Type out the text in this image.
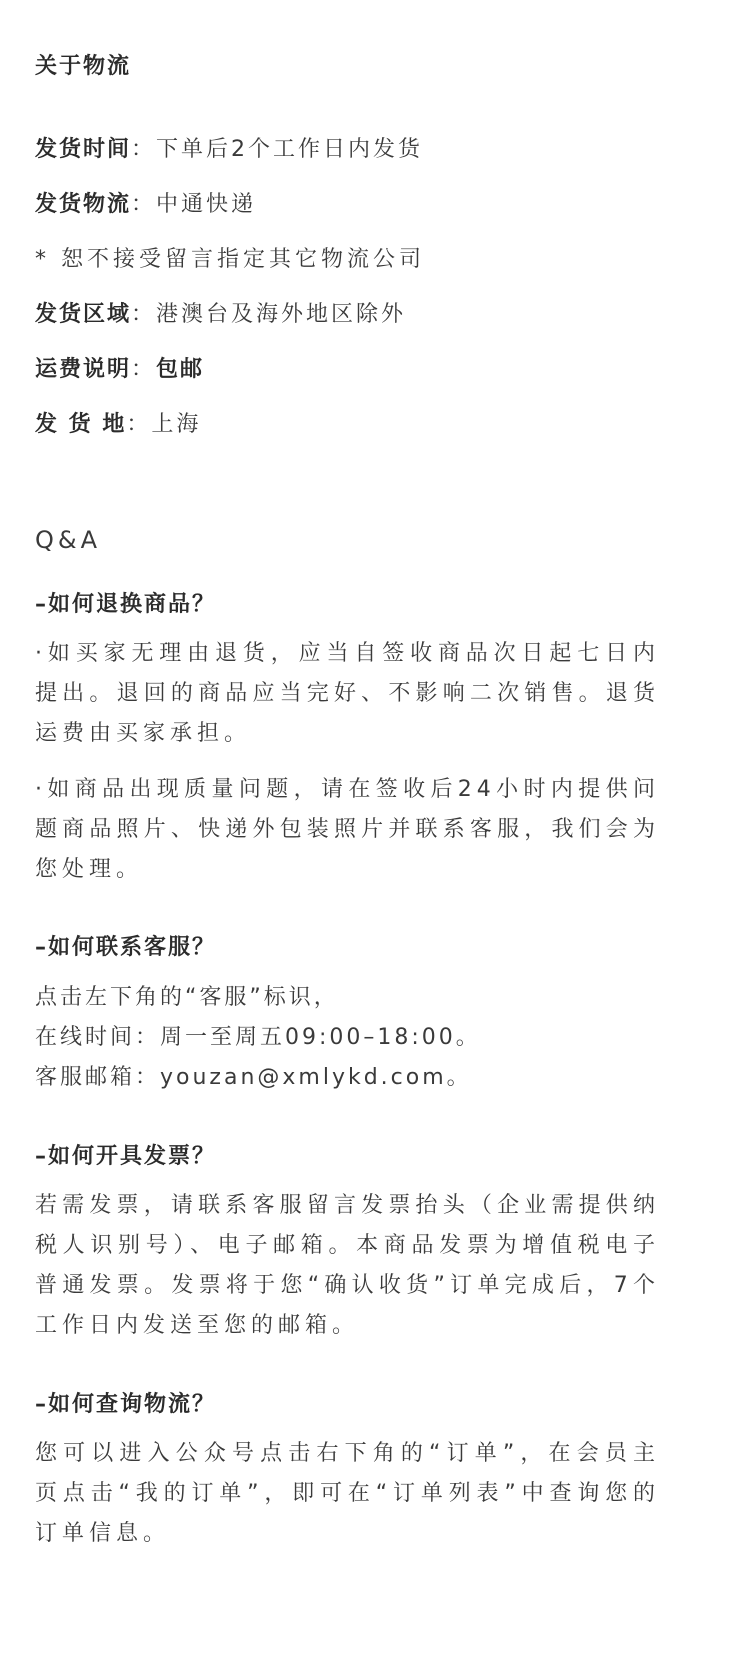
关于物流
发货时间：下单后2个工作日内发货
发货物流：中通快递
* 恕不接受留言指定其它物流公司
发货区域：港澳台及海外地区除外
运费说明：包邮
发 货 地：上海
Q&A
–如何退换商品？
·如买家无理由退货，应当自签收商品次日起七日内提出。退回的商品应当完好、不影响二次销售。退货运费由买家承担。
·如商品出现质量问题，请在签收后24小时内提供问题商品照片、快递外包装照片并联系客服，我们会为您处理。
–如何联系客服？
点击左下角的“客服”标识，
在线时间：周一至周五09:00–18:00。
客服邮箱：youzan@xmlykd.com。
–如何开具发票？
若需发票，请联系客服留言发票抬头（企业需提供纳税人识别号）、电子邮箱。本商品发票为增值税电子普通发票。发票将于您“确认收货”订单完成后，7个工作日内发送至您的邮箱。
–如何查询物流？
您可以进入公众号点击右下角的“订单”，在会员主页点击“我的订单”，即可在“订单列表”中查询您的订单信息。
